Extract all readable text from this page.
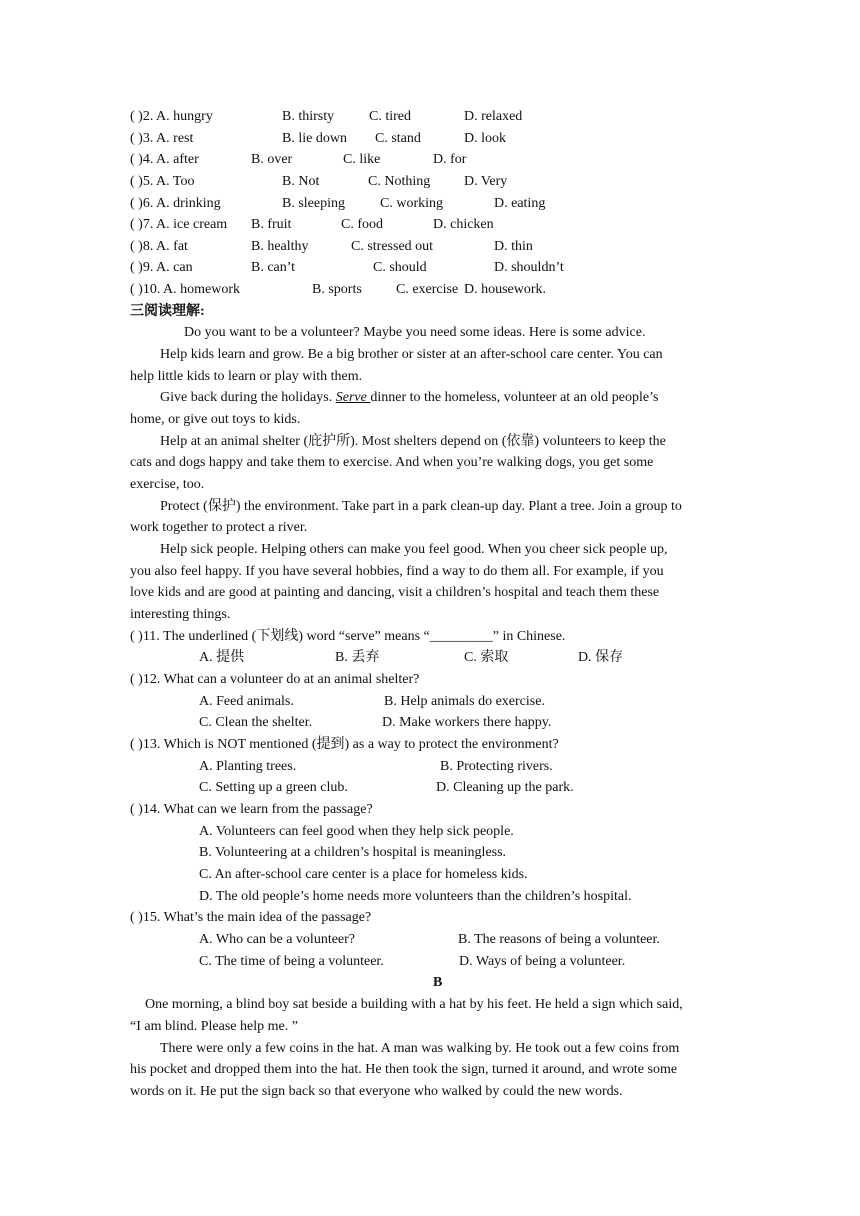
( )2. A. hungry	B. thirsty C. tired	D. relaxed
( )3. A. rest	B. lie down C. stand	D. look
( )4. A. after	B. over	C. like	D. for
( )5. A. Too	B. Not	C. Nothing D. Very
( )6. A. drinking	B. sleeping	C. working	D. eating
( )7. A. ice cream B. fruit	C. food	D. chicken
( )8. A. fat	B. healthy	C. stressed out	D. thin
( )9. A. can	B. can’t	C. should	D. shouldn’t
( )10. A. homework	B. sports C. exercise D. housework.
三阅读理解:
Do you want to be a volunteer? Maybe you need some ideas. Here is some advice.
Help kids learn and grow. Be a big brother or sister at an after-school care center. You can
help little kids to learn or play with them.
Give back during the holidays. Serve dinner to the homeless, volunteer at an old people’s
home, or give out toys to kids.
Help at an animal shelter (庇护所). Most shelters depend on (依靠) volunteers to keep the
cats and dogs happy and take them to exercise. And when you’re walking dogs, you get some
exercise, too.
Protect (保护) the environment. Take part in a park clean-up day. Plant a tree. Join a group to
work together to protect a river.
Help sick people. Helping others can make you feel good. When you cheer sick people up,
you also feel happy. If you have several hobbies, find a way to do them all. For example, if you
love kids and are good at painting and dancing, visit a children’s hospital and teach them these
interesting things.
( )11. The underlined (下划线) word “serve” means “_________” in Chinese.
A. 提供	B. 丢弃	C. 索取	D. 保存
( )12. What can a volunteer do at an animal shelter?
A. Feed animals.	B. Help animals do exercise.
C. Clean the shelter.	D. Make workers there happy.
( )13. Which is NOT mentioned (提到) as a way to protect the environment?
A. Planting trees.	B. Protecting rivers.
C. Setting up a green club.	D. Cleaning up the park.
( )14. What can we learn from the passage?
A. Volunteers can feel good when they help sick people.
B. Volunteering at a children’s hospital is meaningless.
C. An after-school care center is a place for homeless kids.
D. The old people’s home needs more volunteers than the children’s hospital.
( )15. What’s the main idea of the passage?
A. Who can be a volunteer?	B. The reasons of being a volunteer.
C. The time of being a volunteer.	D. Ways of being a volunteer.
B
One morning, a blind boy sat beside a building with a hat by his feet. He held a sign which said,
“I am blind. Please help me. ”
There were only a few coins in the hat. A man was walking by. He took out a few coins from
his pocket and dropped them into the hat. He then took the sign, turned it around, and wrote some
words on it. He put the sign back so that everyone who walked by could the new words.
